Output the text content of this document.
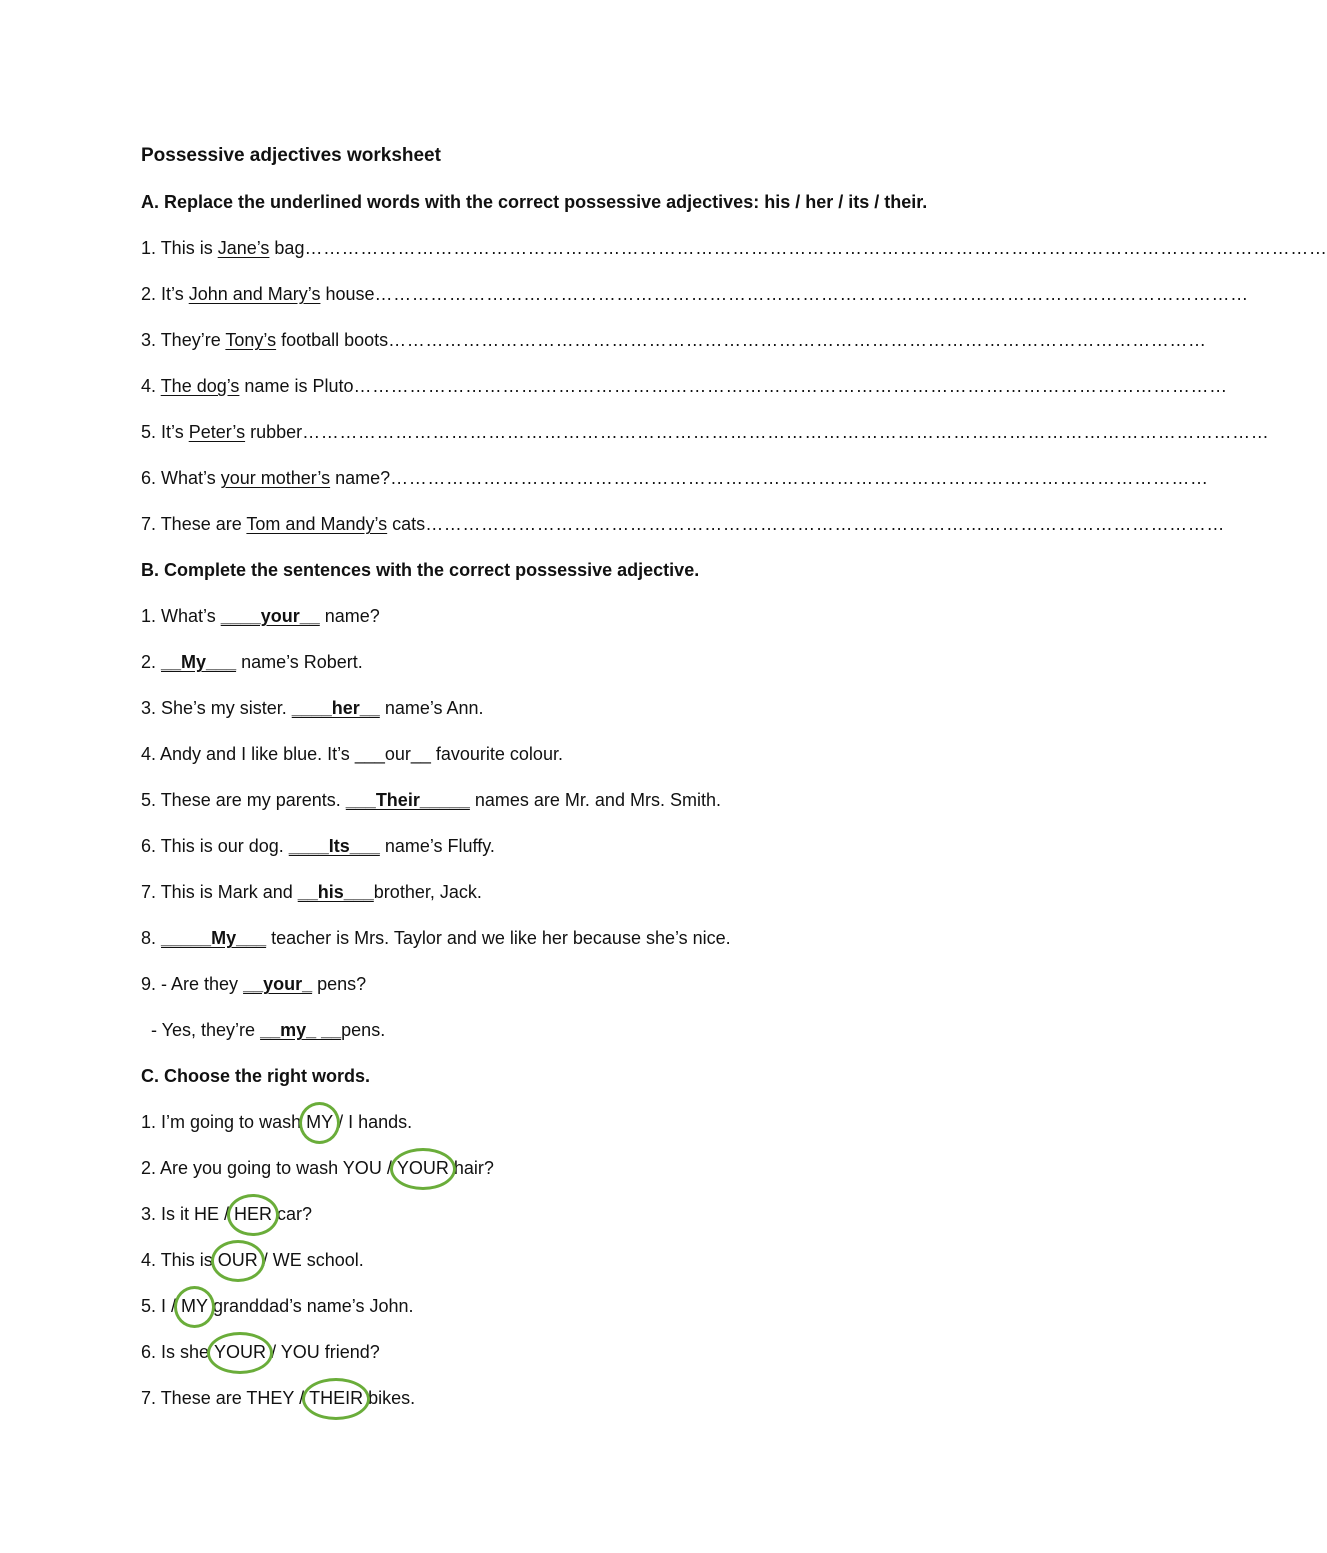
Possessive adjectives worksheet
A. Replace the underlined words with the correct possessive adjectives: his / her / its / their.
1. This is Jane’s bag…………………………………………………………………………………………………………………………………………………
2. It’s John and Mary’s house……………………………………………………………………………………………………………………………
3. They’re Tony’s football boots……………………………………………………………………………………………………………………
4. The dog’s name is Pluto……………………………………………………………………………………………………………………………
5. It’s Peter’s rubber…………………………………………………………………………………………………………………………………………
6. What’s your mother’s name?……………………………………………………………………………………………………………………
7. These are Tom and Mandy’s cats…………………………………………………………………………………………………………………
B. Complete the sentences with the correct possessive adjective.
1. What’s ____your__ name?
2. __My___ name’s Robert.
3. She’s my sister. ____her__ name’s Ann.
4. Andy and I like blue. It’s ___our__ favourite colour.
5. These are my parents. ___Their_____ names are Mr. and Mrs. Smith.
6. This is our dog. ____Its___ name’s Fluffy.
7. This is Mark and __his___brother, Jack.
8. _____My___ teacher is Mrs. Taylor and we like her because she’s nice.
9. - Are they __your_ pens?
- Yes, they’re __my_ __pens.
C. Choose the right words.
1. I’m going to wash MY / I hands.
2. Are you going to wash YOU / YOUR hair?
3. Is it HE / HER car?
4. This is OUR / WE school.
5. I / MY granddad’s name’s John.
6. Is she YOUR / YOU friend?
7. These are THEY / THEIR bikes.
